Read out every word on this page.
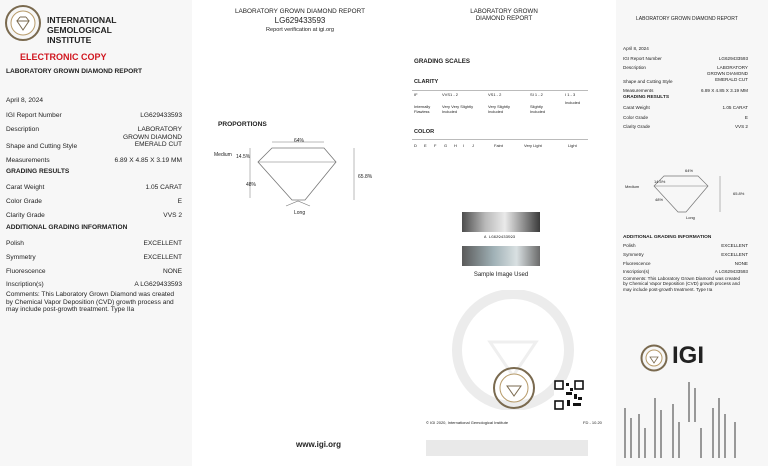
INTERNATIONAL
GEMOLOGICAL
INSTITUTE
ELECTRONIC COPY
LABORATORY GROWN DIAMOND REPORT
April 8, 2024
IGI Report Number	LG629433593
Description	LABORATORY GROWN DIAMOND
Shape and Cutting Style	EMERALD CUT
Measurements	6.89 X 4.85 X 3.19 MM
GRADING RESULTS
Carat Weight	1.05 CARAT
Color Grade	E
Clarity Grade	VVS 2
ADDITIONAL GRADING INFORMATION
Polish	EXCELLENT
Symmetry	EXCELLENT
Fluorescence	NONE
Inscription(s)	A LG629433593
Comments: This Laboratory Grown Diamond was created by Chemical Vapor Deposition (CVD) growth process and may include post-growth treatment. Type IIa
LABORATORY GROWN DIAMOND REPORT
LG629433593
Report verification at igi.org
PROPORTIONS
Medium
64%
14.5%
48%
65.8%
Long
www.igi.org
LABORATORY GROWN
DIAMOND REPORT
GRADING SCALES
CLARITY
IF	VVS1 - 2	VS1 - 2	SI 1 - 2	I 1 - 3
Internally Flawless
Very Very Slightly Included
Very Slightly Included
Slightly Included
Included
COLOR
D E F G H I J	Faint	Very Light	Light
A LG629433593
Sample Image Used
© IGI 2020, International Gemological Institute	FD - 10.20
LABORATORY GROWN DIAMOND REPORT
April 8, 2024
IGI Report Number	LG629433593
Description	LABORATORY GROWN DIAMOND
Shape and Cutting Style	EMERALD CUT
Measurements	6.89 X 4.85 X 3.19 MM
GRADING RESULTS
Carat Weight	1.05 CARAT
Color Grade	E
Clarity Grade	VVS 2
64%
Medium
14.5%
48%
65.8%
Long
ADDITIONAL GRADING INFORMATION
Polish	EXCELLENT
Symmetry	EXCELLENT
Fluorescence	NONE
Inscription(s)	A LG629433593
Comments: This Laboratory Grown Diamond was created by Chemical Vapor Deposition (CVD) growth process and may include post-growth treatment. Type IIa
IGI
